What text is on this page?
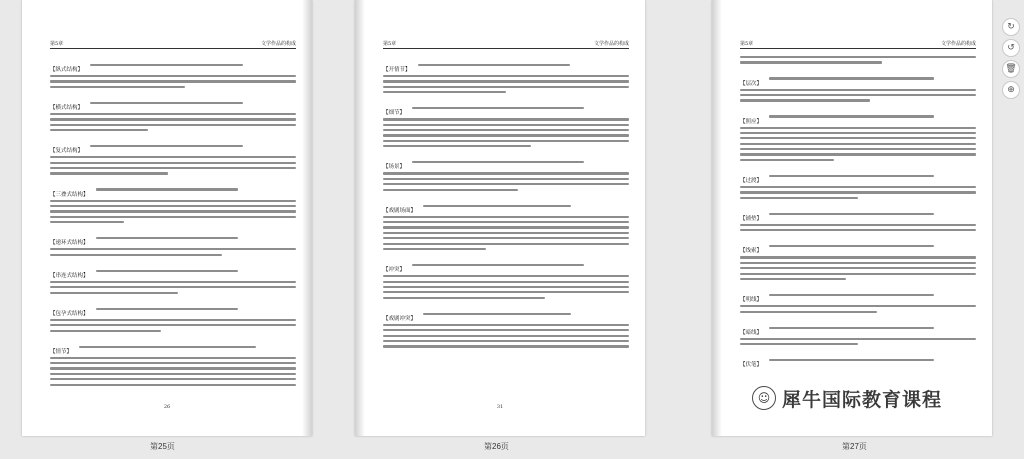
第5章	文学作品的构成
【纵式结构】
【横式结构】
【复式结构】
【三叠式结构】
【递环式结构】
【串连式结构】
【包孕式结构】
【情节】
26
第25页
第5章	文学作品的构成
【开情节】
【细节】
【场景】
【戏剧场面】
【冲突】
【戏剧冲突】
31
第26页
第5章	文学作品的构成
【层次】
【照应】
【过渡】
【铺垫】
【线索】
【明线】
【暗线】
【伏笔】
第27页
☺ 犀牛国际教育课程
↻
↺
🗑
⊕
